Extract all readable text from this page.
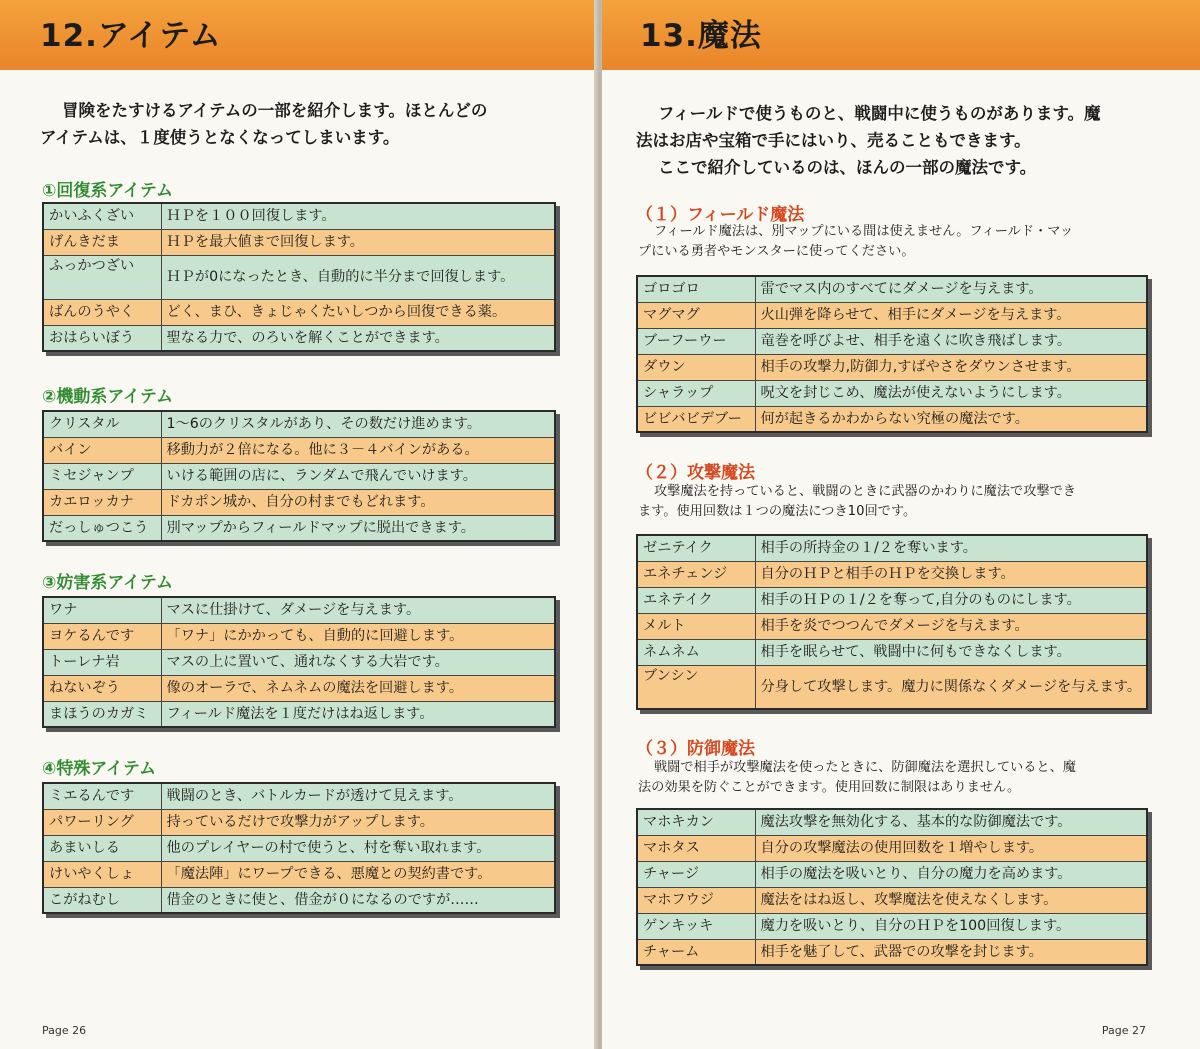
12.アイテム

冒険をたすけるアイテムの一部を紹介します。ほとんどの

アイテムは、１度使うとなくなってしまいます。

①回復系アイテム
かいふくざい	ＨＰを１００回復します。
げんきだま	ＨＰを最大値まで回復します。
ふっかつざい	ＨＰが0になったとき、自動的に半分まで回復します。
ばんのうやく	どく、まひ、きょじゃくたいしつから回復できる薬。
おはらいぼう	聖なる力で、のろいを解くことができます。
②機動系アイテム
クリスタル	1〜6のクリスタルがあり、その数だけ進めます。
バイン	移動力が２倍になる。他に３－４バインがある。
ミセジャンプ	いける範囲の店に、ランダムで飛んでいけます。
カエロッカナ	ドカポン城か、自分の村までもどれます。
だっしゅつこう	別マップからフィールドマップに脱出できます。
③妨害系アイテム
ワナ	マスに仕掛けて、ダメージを与えます。
ヨケるんです	「ワナ」にかかっても、自動的に回避します。
トーレナ岩	マスの上に置いて、通れなくする大岩です。
ねないぞう	像のオーラで、ネムネムの魔法を回避します。
まほうのカガミ	フィールド魔法を１度だけはね返します。
④特殊アイテム
ミエるんです	戦闘のとき、バトルカードが透けて見えます。
パワーリング	持っているだけで攻撃力がアップします。
あまいしる	他のプレイヤーの村で使うと、村を奪い取れます。
けいやくしょ	「魔法陣」にワープできる、悪魔との契約書です。
こがねむし	借金のときに使と、借金が０になるのですが……
Page 26
13.魔法

フィールドで使うものと、戦闘中に使うものがあります。魔

法はお店や宝箱で手にはいり、売ることもできます。

ここで紹介しているのは、ほんの一部の魔法です。

（１）フィールド魔法

フィールド魔法は、別マップにいる間は使えません。フィールド・マッ

プにいる勇者やモンスターに使ってください。

ゴロゴロ	雷でマス内のすべてにダメージを与えます。
マグマグ	火山弾を降らせて、相手にダメージを与えます。
ブーフーウー	竜巻を呼びよせ、相手を遠くに吹き飛ばします。
ダウン	相手の攻撃力,防御力,すばやさをダウンさせます。
シャラップ	呪文を封じこめ、魔法が使えないようにします。
ビビバビデブー	何が起きるかわからない究極の魔法です。
（２）攻撃魔法

攻撃魔法を持っていると、戦闘のときに武器のかわりに魔法で攻撃でき

ます。使用回数は１つの魔法につき10回です。

ゼニテイク	相手の所持金の１/２を奪います。
エネチェンジ	自分のＨＰと相手のＨＰを交換します。
エネテイク	相手のＨＰの１/２を奪って,自分のものにします。
メルト	相手を炎でつつんでダメージを与えます。
ネムネム	相手を眠らせて、戦闘中に何もできなくします。
ブンシン	分身して攻撃します。魔力に関係なくダメージを与えます。
（３）防御魔法

戦闘で相手が攻撃魔法を使ったときに、防御魔法を選択していると、魔

法の効果を防ぐことができます。使用回数に制限はありません。

マホキカン	魔法攻撃を無効化する、基本的な防御魔法です。
マホタス	自分の攻撃魔法の使用回数を１増やします。
チャージ	相手の魔法を吸いとり、自分の魔力を高めます。
マホフウジ	魔法をはね返し、攻撃魔法を使えなくします。
ゲンキッキ	魔力を吸いとり、自分のＨＰを100回復します。
チャーム	相手を魅了して、武器での攻撃を封じます。
Page 27
